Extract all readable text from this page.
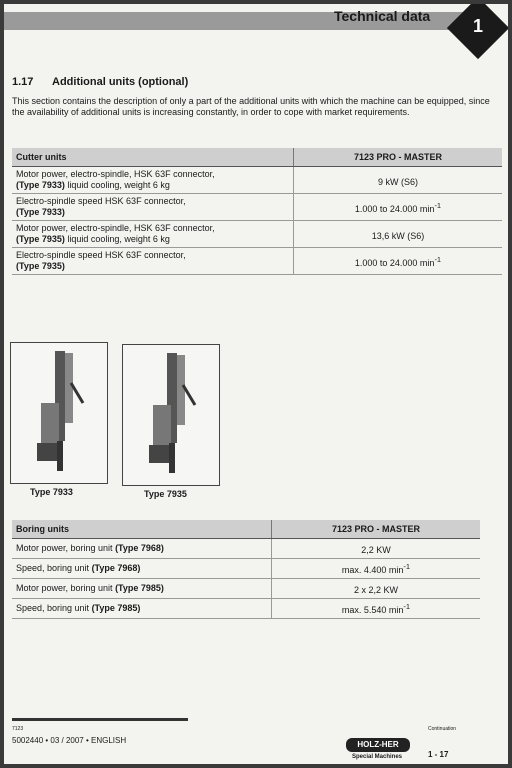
Technical data	1
1.17 Additional units (optional)
This section contains the description of only a part of the additional units with which the machine can be equipped, since the availability of additional units is increasing constantly, in order to cope with market requirements.
Cutter units	7123 PRO - MASTER
Motor power, electro-spindle, HSK 63F connector,
(Type 7933) liquid cooling, weight 6 kg	9 kW (S6)
Electro-spindle speed HSK 63F connector,
(Type 7933)	1.000 to 24.000 $\min^{-1}$
Motor power, electro-spindle, HSK 63F connector,
(Type 7935) liquid cooling, weight 6 kg	13,6 kW (S6)
Electro-spindle speed HSK 63F connector,
(Type 7935)	1.000 to 24.000 $\min^{-1}$
Type 7933	Type 7935
Boring units	7123 PRO - MASTER
Motor power, boring unit (Type 7968)	2,2 KW
Speed, boring unit (Type 7968)	max. 4.400 $\min^{-1}$
Motor power, boring unit (Type 7985)	2 x 2,2 KW
Speed, boring unit (Type 7985)	max. 5.540 $\min^{-1}$
7123
5002440 • 03 / 2007 • ENGLISH
Continuation
HOLZ-HER
Special Machines	1 - 17
